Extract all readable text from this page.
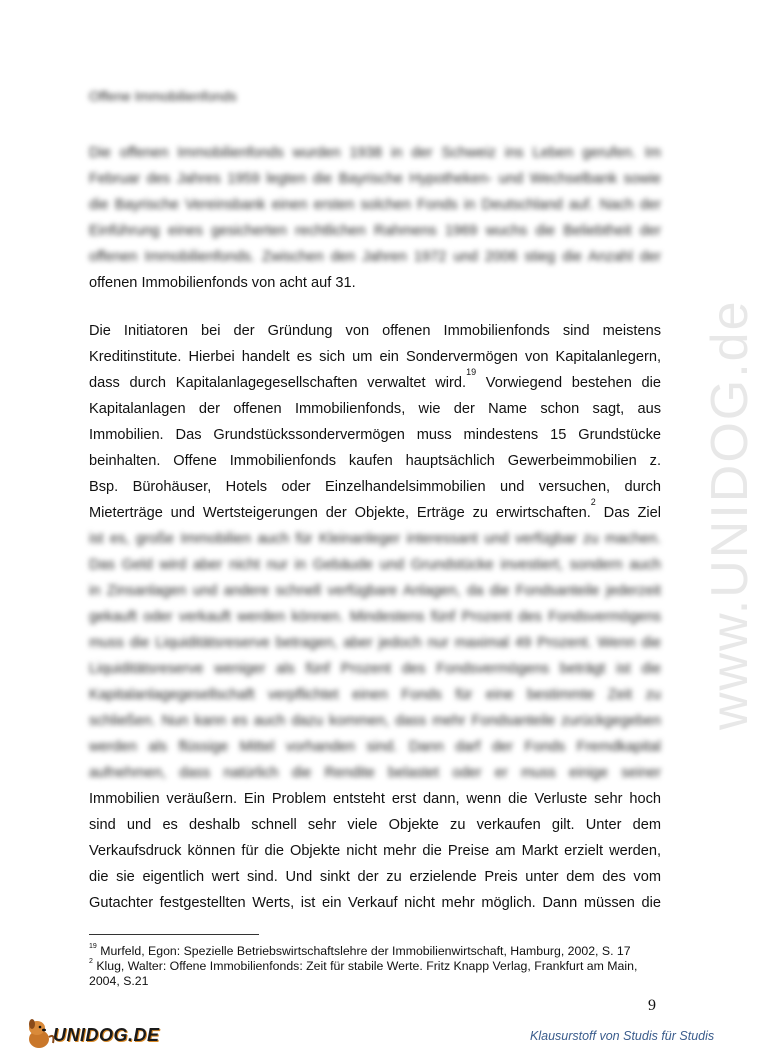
www.UNIDOG.de
Offene Immobilienfonds
Die offenen Immobilienfonds wurden 1938 in der Schweiz ins Leben gerufen. Im
Februar des Jahres 1959 legten die Bayrische Hypotheken- und Wechselbank sowie
die Bayrische Vereinsbank einen ersten solchen Fonds in Deutschland auf. Nach der
Einführung eines gesicherten rechtlichen Rahmens 1969 wuchs die Beliebtheit der
offenen Immobilienfonds. Zwischen den Jahren 1972 und 2006 stieg die Anzahl der
offenen Immobilienfonds von acht auf 31.
Die Initiatoren bei der Gründung von offenen Immobilienfonds sind meistens
Kreditinstitute. Hierbei handelt es sich um ein Sondervermögen von Kapitalanlegern,
dass durch Kapitalanlagegesellschaften verwaltet wird.$^{19}$ Vorwiegend bestehen die
Kapitalanlagen der offenen Immobilienfonds, wie der Name schon sagt, aus
Immobilien. Das Grundstückssondervermögen muss mindestens 15 Grundstücke
beinhalten. Offene Immobilienfonds kaufen hauptsächlich Gewerbeimmobilien z.
Bsp. Bürohäuser, Hotels oder Einzelhandelsimmobilien und versuchen, durch
Mieterträge und Wertsteigerungen der Objekte, Erträge zu erwirtschaften.$^2$ Das Ziel
ist es, große Immobilien auch für Kleinanleger interessant und verfügbar zu machen.
Das Geld wird aber nicht nur in Gebäude und Grundstücke investiert, sondern auch
in Zinsanlagen und andere schnell verfügbare Anlagen, da die Fondsanteile jederzeit
gekauft oder verkauft werden können. Mindestens fünf Prozent des Fondsvermögens
muss die Liquiditätsreserve betragen, aber jedoch nur maximal 49 Prozent. Wenn die
Liquiditätsreserve weniger als fünf Prozent des Fondsvermögens beträgt ist die
Kapitalanlagegesellschaft verpflichtet einen Fonds für eine bestimmte Zeit zu
schließen. Nun kann es auch dazu kommen, dass mehr Fondsanteile zurückgegeben
werden als flüssige Mittel vorhanden sind. Dann darf der Fonds Fremdkapital
aufnehmen, dass natürlich die Rendite belastet oder er muss einige seiner
Immobilien veräußern. Ein Problem entsteht erst dann, wenn die Verluste sehr hoch
sind und es deshalb schnell sehr viele Objekte zu verkaufen gilt. Unter dem
Verkaufsdruck können für die Objekte nicht mehr die Preise am Markt erzielt werden,
die sie eigentlich wert sind. Und sinkt der zu erzielende Preis unter dem des vom
Gutachter festgestellten Werts, ist ein Verkauf nicht mehr möglich. Dann müssen die
$^{19}$ Murfeld, Egon: Spezielle Betriebswirtschaftslehre der Immobilienwirtschaft, Hamburg, 2002, S. 17
$^2$ Klug, Walter: Offene Immobilienfonds: Zeit für stabile Werte. Fritz Knapp Verlag, Frankfurt am Main,
2004, S.21
9
UNIDOG.DE	Klausurstoff von Studis für Studis
